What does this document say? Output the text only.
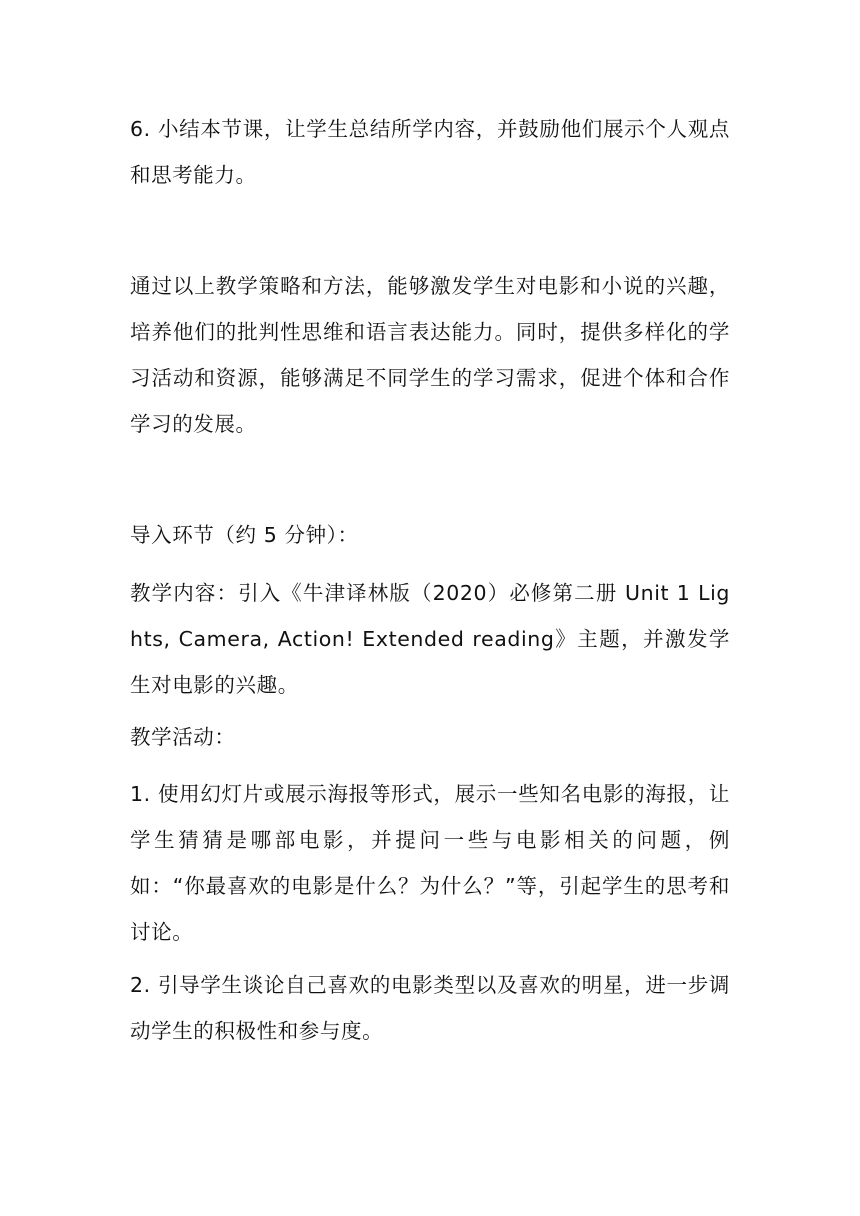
6. 小结本节课，让学生总结所学内容，并鼓励他们展示个人观点和思考能力。

通过以上教学策略和方法，能够激发学生对电影和小说的兴趣，培养他们的批判性思维和语言表达能力。同时，提供多样化的学习活动和资源，能够满足不同学生的学习需求，促进个体和合作学习的发展。

导入环节（约 5 分钟）：

教学内容：引入《牛津译林版（2020）必修第二册 Unit 1 Lights, Camera, Action! Extended reading》主题，并激发学生对电影的兴趣。

教学活动：

1. 使用幻灯片或展示海报等形式，展示一些知名电影的海报，让学生猜猜是哪部电影，并提问一些与电影相关的问题，例如：“你最喜欢的电影是什么？为什么？”等，引起学生的思考和讨论。

2. 引导学生谈论自己喜欢的电影类型以及喜欢的明星，进一步调动学生的积极性和参与度。
